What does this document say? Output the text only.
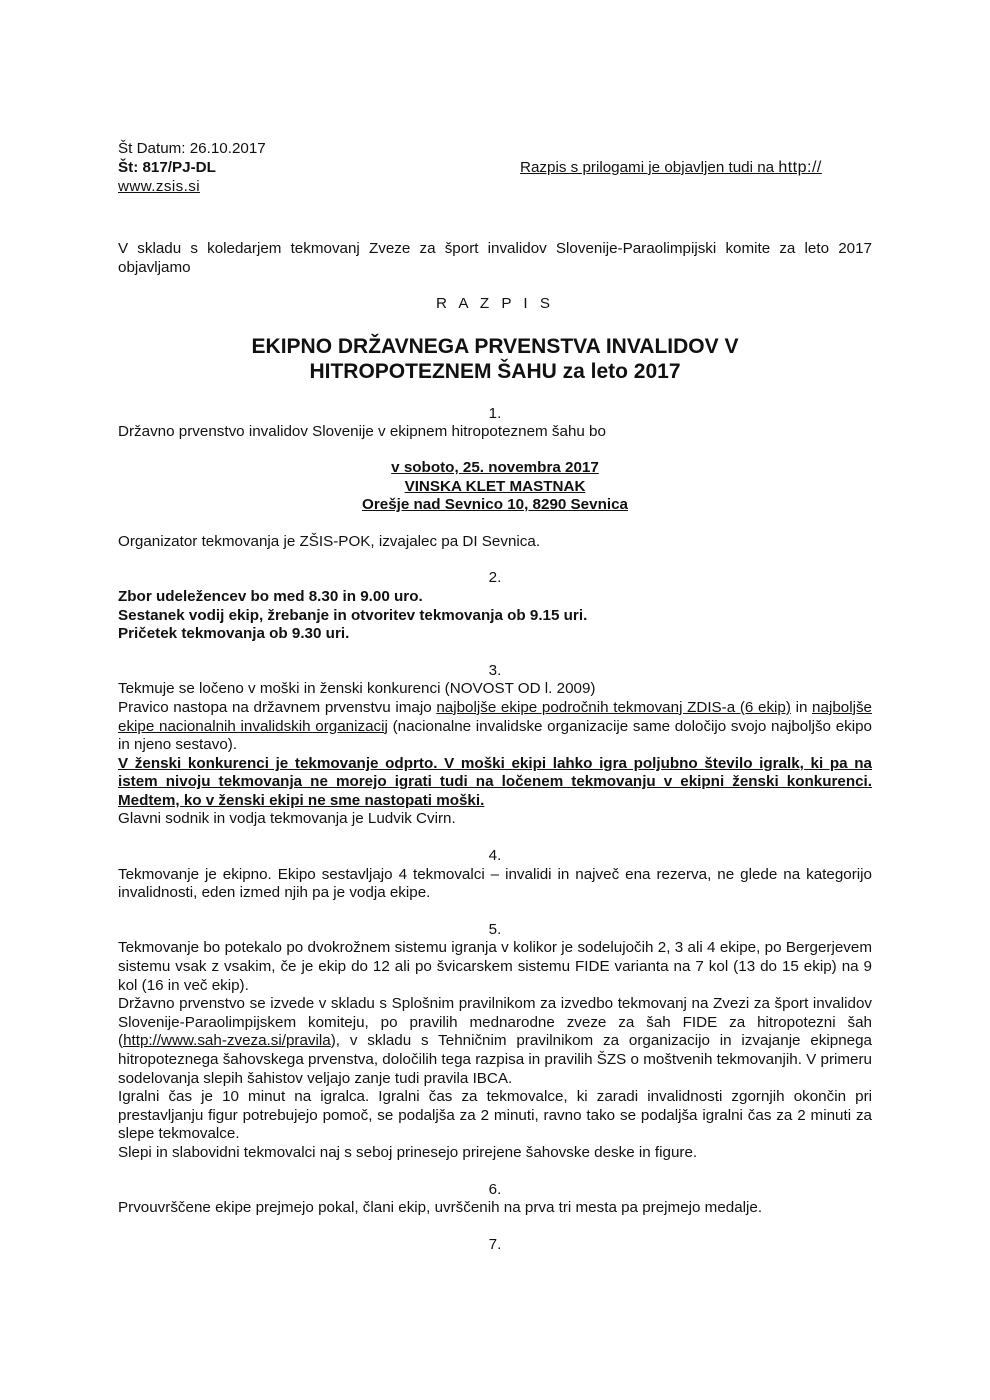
Št Datum: 26.10.2017
Št: 817/PJ-DL	Razpis s prilogami je objavljen tudi na http://
www.zsis.si

V skladu s koledarjem tekmovanj Zveze za šport invalidov Slovenije-Paraolimpijski komite za leto 2017 objavljamo

R A Z P I S
EKIPNO DRŽAVNEGA PRVENSTVA INVALIDOV V
HITROPOTEZNEM ŠAHU za leto 2017
1.

Državno prvenstvo invalidov Slovenije v ekipnem hitropoteznem šahu bo

v soboto, 25. novembra 2017
VINSKA KLET MASTNAK
Orešje nad Sevnico 10, 8290 Sevnica

Organizator tekmovanja je ZŠIS-POK, izvajalec pa DI Sevnica.

2.
Zbor udeležencev bo med 8.30 in 9.00 uro.
Sestanek vodij ekip, žrebanje in otvoritev tekmovanja ob 9.15 uri.
Pričetek tekmovanja ob 9.30 uri.
3.

Tekmuje se ločeno v moški in ženski konkurenci (NOVOST OD l. 2009)

Pravico nastopa na državnem prvenstvu imajo najboljše ekipe področnih tekmovanj ZDIS-a (6 ekip) in najboljše ekipe nacionalnih invalidskih organizacij (nacionalne invalidske organizacije same določijo svojo najboljšo ekipo in njeno sestavo).

V ženski konkurenci je tekmovanje odprto. V moški ekipi lahko igra poljubno število igralk, ki pa na istem nivoju tekmovanja ne morejo igrati tudi na ločenem tekmovanju v ekipni ženski konkurenci. Medtem, ko v ženski ekipi ne sme nastopati moški.

Glavni sodnik in vodja tekmovanja je Ludvik Cvirn.

4.

Tekmovanje je ekipno. Ekipo sestavljajo 4 tekmovalci – invalidi in največ ena rezerva, ne glede na kategorijo invalidnosti, eden izmed njih pa je vodja ekipe.

5.

Tekmovanje bo potekalo po dvokrožnem sistemu igranja v kolikor je sodelujočih 2, 3 ali 4 ekipe, po Bergerjevem sistemu vsak z vsakim, če je ekip do 12 ali po švicarskem sistemu FIDE varianta na 7 kol (13 do 15 ekip) na 9 kol (16 in več ekip).

Državno prvenstvo se izvede v skladu s Splošnim pravilnikom za izvedbo tekmovanj na Zvezi za šport invalidov Slovenije-Paraolimpijskem komiteju, po pravilih mednarodne zveze za šah FIDE za hitropotezni šah (http://www.sah-zveza.si/pravila), v skladu s Tehničnim pravilnikom za organizacijo in izvajanje ekipnega hitropoteznega šahovskega prvenstva, določilih tega razpisa in pravilih ŠZS o moštvenih tekmovanjih. V primeru sodelovanja slepih šahistov veljajo zanje tudi pravila IBCA.

Igralni čas je 10 minut na igralca. Igralni čas za tekmovalce, ki zaradi invalidnosti zgornjih okončin pri prestavljanju figur potrebujejo pomoč, se podaljša za 2 minuti, ravno tako se podaljša igralni čas za 2 minuti za slepe tekmovalce.

Slepi in slabovidni tekmovalci naj s seboj prinesejo prirejene šahovske deske in figure.

6.

Prvouvrščene ekipe prejmejo pokal, člani ekip, uvrščenih na prva tri mesta pa prejmejo medalje.

7.
